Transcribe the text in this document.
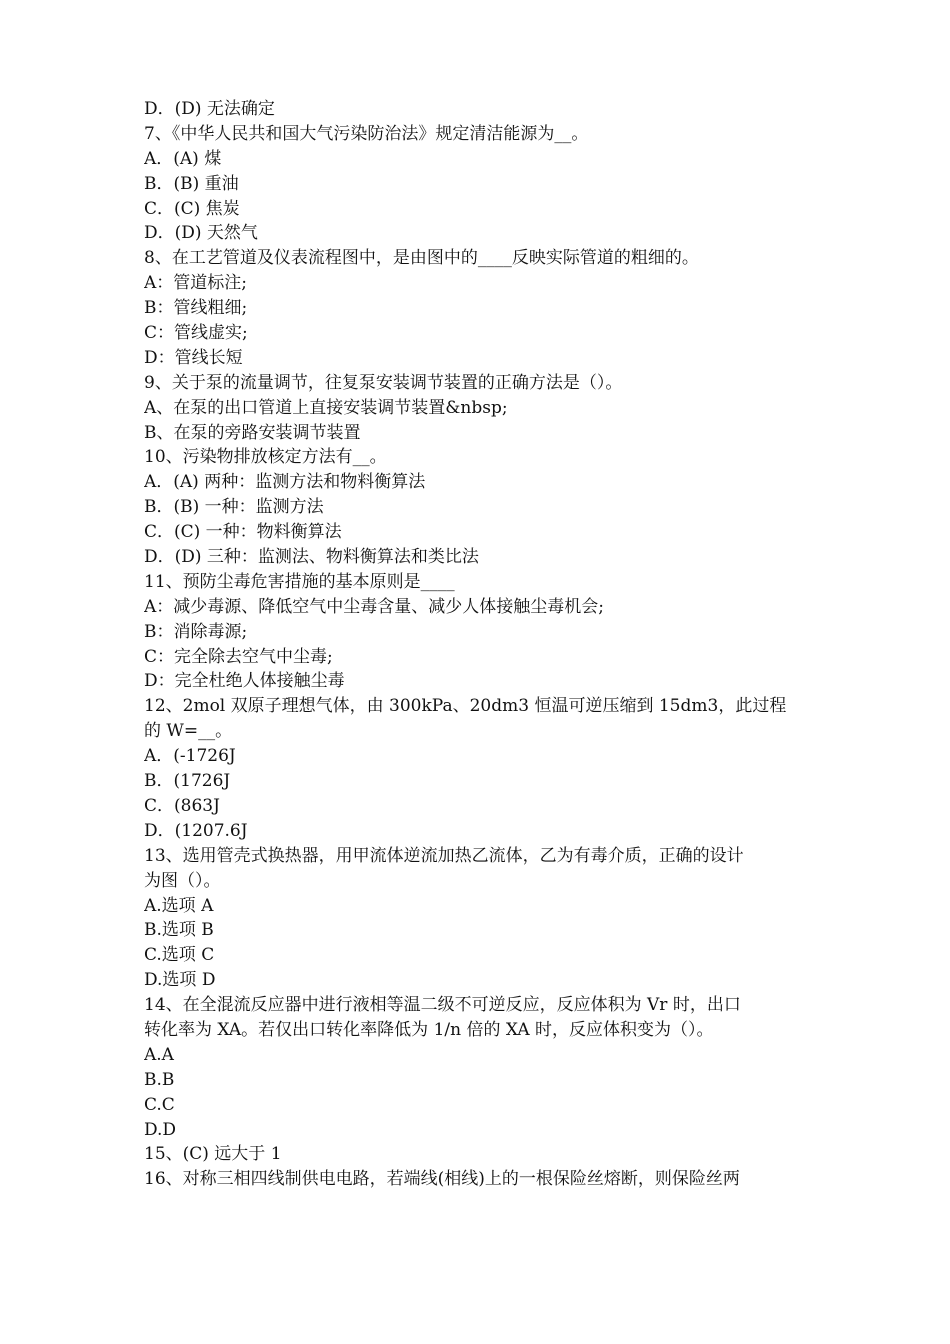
D．(D) 无法确定
7、《中华人民共和国大气污染防治法》规定清洁能源为__。
A．(A) 煤
B．(B) 重油
C．(C) 焦炭
D．(D) 天然气
8、在工艺管道及仪表流程图中，是由图中的____反映实际管道的粗细的。
A：管道标注;
B：管线粗细;
C：管线虚实;
D：管线长短
9、关于泵的流量调节，往复泵安装调节装置的正确方法是（）。
A、在泵的出口管道上直接安装调节装置&nbsp;
B、在泵的旁路安装调节装置
10、污染物排放核定方法有__。
A．(A) 两种：监测方法和物料衡算法
B．(B) 一种：监测方法
C．(C) 一种：物料衡算法
D．(D) 三种：监测法、物料衡算法和类比法
11、预防尘毒危害措施的基本原则是____
A：减少毒源、降低空气中尘毒含量、减少人体接触尘毒机会;
B：消除毒源;
C：完全除去空气中尘毒;
D：完全杜绝人体接触尘毒
12、2mol 双原子理想气体，由 300kPa、20dm3 恒温可逆压缩到 15dm3，此过程
的 W=__。
A．(-1726J
B．(1726J
C．(863J
D．(1207.6J
13、选用管壳式换热器，用甲流体逆流加热乙流体，乙为有毒介质，正确的设计
为图（）。
A.选项 A
B.选项 B
C.选项 C
D.选项 D
14、在全混流反应器中进行液相等温二级不可逆反应，反应体积为 Vr 时，出口
转化率为 XA。若仅出口转化率降低为 1/n 倍的 XA 时，反应体积变为（）。
A.A
B.B
C.C
D.D
15、(C) 远大于 1
16、对称三相四线制供电电路，若端线(相线)上的一根保险丝熔断，则保险丝两
